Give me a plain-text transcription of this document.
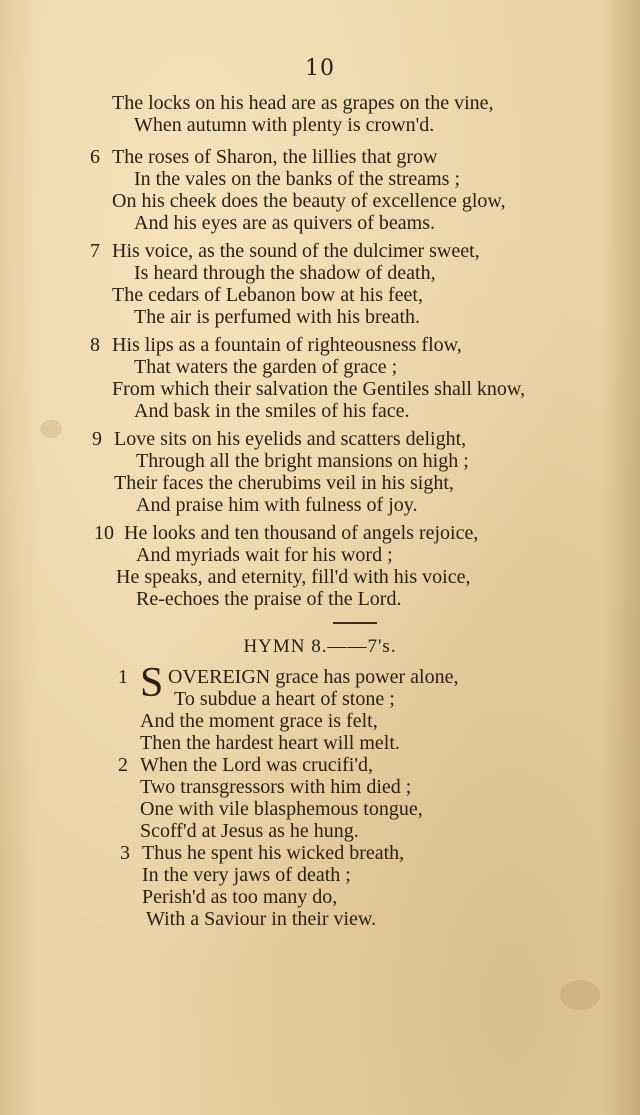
10
The locks on his head are as grapes on the vine,
When autumn with plenty is crown'd.
6 The roses of Sharon, the lillies that grow
In the vales on the banks of the streams ;
On his cheek does the beauty of excellence glow,
And his eyes are as quivers of beams.
7 His voice, as the sound of the dulcimer sweet,
Is heard through the shadow of death,
The cedars of Lebanon bow at his feet,
The air is perfumed with his breath.
8 His lips as a fountain of righteousness flow,
That waters the garden of grace ;
From which their salvation the Gentiles shall know,
And bask in the smiles of his face.
9 Love sits on his eyelids and scatters delight,
Through all the bright mansions on high ;
Their faces the cherubims veil in his sight,
And praise him with fulness of joy.
10 He looks and ten thousand of angels rejoice,
And myriads wait for his word ;
He speaks, and eternity, fill'd with his voice,
Re-echoes the praise of the Lord.
HYMN 8.——7's.
1 S OVEREIGN grace has power alone,
To subdue a heart of stone ;
And the moment grace is felt,
Then the hardest heart will melt.
2 When the Lord was crucifi'd,
Two transgressors with him died ;
One with vile blasphemous tongue,
Scoff'd at Jesus as he hung.
3 Thus he spent his wicked breath,
In the very jaws of death ;
Perish'd as too many do,
With a Saviour in their view.
